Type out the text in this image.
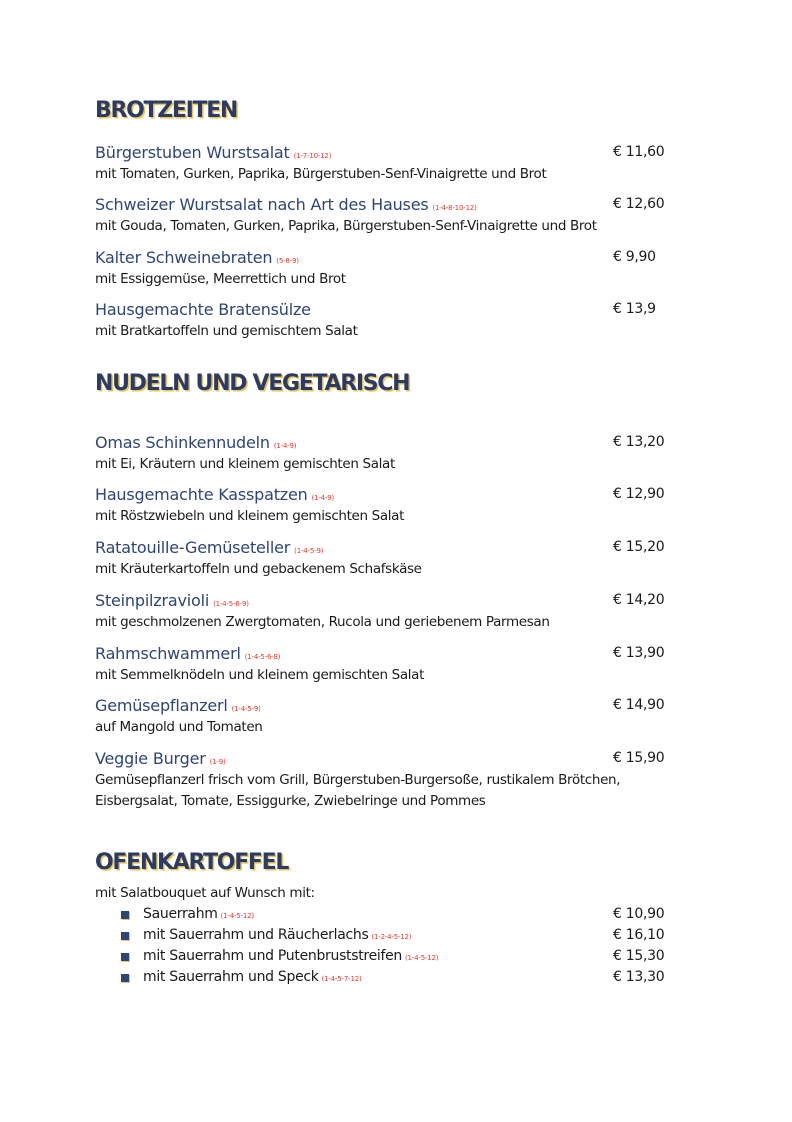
BROTZEITEN
Bürgerstuben Wurstsalat (1-7-10-12)	€ 11,60
mit Tomaten, Gurken, Paprika, Bürgerstuben-Senf-Vinaigrette und Brot
Schweizer Wurstsalat nach Art des Hauses (1-4-8-10-12)	€ 12,60
mit Gouda, Tomaten, Gurken, Paprika, Bürgerstuben-Senf-Vinaigrette und Brot
Kalter Schweinebraten (5-8-9)	€ 9,90
mit Essiggemüse, Meerrettich und Brot
Hausgemachte Bratensülze	€ 13,9
mit Bratkartoffeln und gemischtem Salat
NUDELN UND VEGETARISCH
Omas Schinkennudeln (1-4-9)	€ 13,20
mit Ei, Kräutern und kleinem gemischten Salat
Hausgemachte Kasspatzen (1-4-9)	€ 12,90
mit Röstzwiebeln und kleinem gemischten Salat
Ratatouille-Gemüseteller (1-4-5-9)	€ 15,20
mit Kräuterkartoffeln und gebackenem Schafskäse
Steinpilzravioli (1-4-5-6-9)	€ 14,20
mit geschmolzenen Zwergtomaten, Rucola und geriebenem Parmesan
Rahmschwammerl (1-4-5-6-8)	€ 13,90
mit Semmelknödeln und kleinem gemischten Salat
Gemüsepflanzerl (1-4-5-9)	€ 14,90
auf Mangold und Tomaten
Veggie Burger (1-9)	€ 15,90
Gemüsepflanzerl frisch vom Grill, Bürgerstuben-Burgersoße, rustikalem Brötchen,
Eisbergsalat, Tomate, Essiggurke, Zwiebelringe und Pommes
OFENKARTOFFEL
mit Salatbouquet auf Wunsch mit:
Sauerrahm (1-4-5-12)	€ 10,90
mit Sauerrahm und Räucherlachs (1-2-4-5-12)	€ 16,10
mit Sauerrahm und Putenbruststreifen (1-4-5-12)	€ 15,30
mit Sauerrahm und Speck (1-4-5-7-12)	€ 13,30
